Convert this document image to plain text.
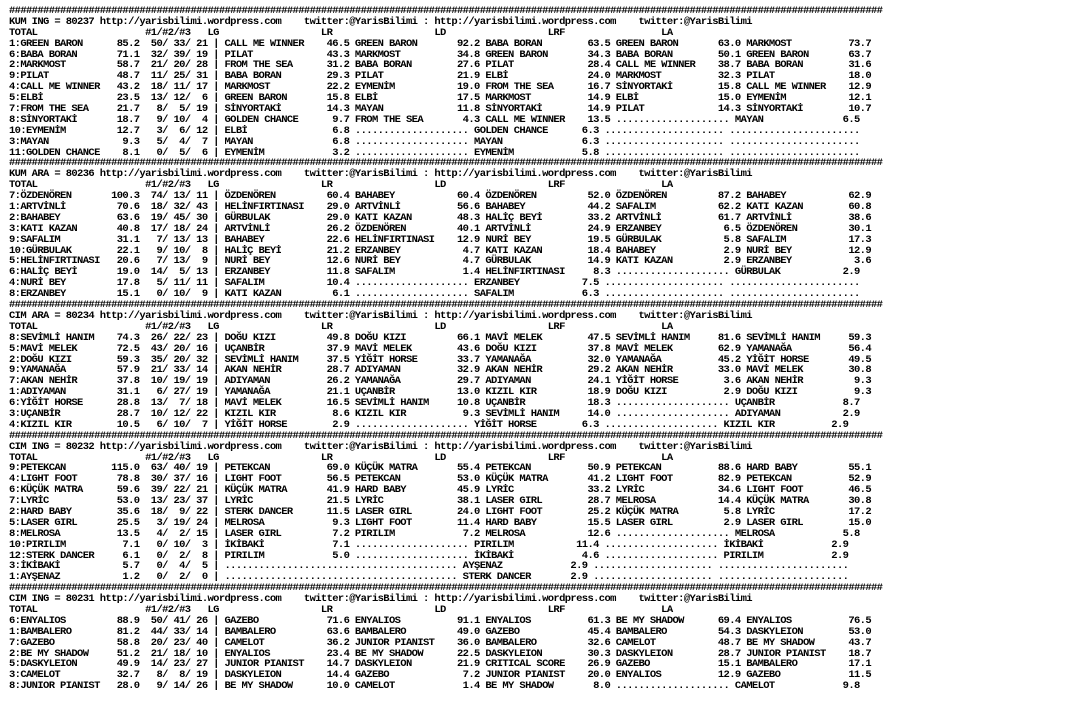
##########################################################################################################################################################
KUM ING = 80237 http://yarisbilimi.wordpress.com    twitter:@YarisBilimi : http://yarisbilimi.wordpress.com    twitter:@YarisBilimi
TOTAL                   #1/#2/#3   LG                  LR                  LD                  LRF                 LA
1:GREEN BARON      85.2  50/ 33/ 21 | CALL ME WINNER    46.5 GREEN BARON       92.2 BABA BORAN        63.5 GREEN BARON       63.0 MARKMOST          73.7
6:BABA BORAN       71.1  32/ 39/ 19 | PILAT             43.3 MARKMOST          34.8 GREEN BARON       34.3 BABA BORAN        50.1 GREEN BARON       63.7
2:MARKMOST         58.7  21/ 20/ 28 | FROM THE SEA      31.2 BABA BORAN        27.6 PILAT             28.4 CALL ME WINNER    38.7 BABA BORAN        31.6
9:PILAT            48.7  11/ 25/ 31 | BABA BORAN        29.3 PILAT             21.9 ELBİ              24.0 MARKMOST          32.3 PILAT             18.0
4:CALL ME WINNER   43.2  18/ 11/ 17 | MARKMOST          22.2 EYMENİM           19.0 FROM THE SEA      16.7 SİNYORTAKİ        15.8 CALL ME WINNER    12.9
5:ELBİ             23.5  13/ 12/  6 | GREEN BARON       15.8 ELBİ              17.5 MARKMOST          14.9 ELBİ              15.0 EYMENİM           12.1
7:FROM THE SEA     21.7   8/  5/ 19 | SİNYORTAKİ        14.3 MAYAN             11.8 SİNYORTAKİ        14.9 PILAT             14.3 SİNYORTAKİ        10.7
8:SİNYORTAKİ       18.7   9/ 10/  4 | GOLDEN CHANCE      9.7 FROM THE SEA       4.3 CALL ME WINNER    13.5 .................... MAYAN              6.5
10:EYMENİM         12.7   3/  6/ 12 | ELBİ               6.8 .................... GOLDEN CHANCE      6.3 ..................... .......................
3:MAYAN             9.3   5/  4/  7 | MAYAN              6.8 .................... MAYAN              6.3 ..................... .......................
11:GOLDEN CHANCE    8.1   0/  5/  6 | EYMENİM            3.2 .................... EYMENİM            5.8 ..................... .......................
##########################################################################################################################################################
KUM ARA = 80236 http://yarisbilimi.wordpress.com    twitter:@YarisBilimi : http://yarisbilimi.wordpress.com    twitter:@YarisBilimi
TOTAL                   #1/#2/#3   LG                  LR                  LD                  LRF                 LA
7:ÖZDENÖREN       100.3  74/ 13/ 11 | ÖZDENÖREN         60.4 BAHABEY           60.4 ÖZDENÖREN         52.0 ÖZDENÖREN         87.2 BAHABEY           62.9
1:ARTVİNLİ         70.6  18/ 32/ 43 | HELİNFIRTINASI    29.0 ARTVİNLİ          56.6 BAHABEY           44.2 SAFALIM           62.2 KATI KAZAN        60.8
2:BAHABEY          63.6  19/ 45/ 30 | GÜRBULAK          29.0 KATI KAZAN        48.3 HALİÇ BEYİ        33.2 ARTVİNLİ          61.7 ARTVİNLİ          38.6
3:KATI KAZAN       40.8  17/ 18/ 24 | ARTVİNLİ          26.2 ÖZDENÖREN         40.1 ARTVİNLİ          24.9 ERZANBEY           6.5 ÖZDENÖREN         30.1
9:SAFALIM          31.1   7/ 13/ 13 | BAHABEY           22.6 HELİNFIRTINASI    12.9 NURİ BEY          19.5 GÜRBULAK           5.8 SAFALIM           17.3
10:GÜRBULAK        22.1   9/ 10/  8 | HALİÇ BEYİ        21.2 ERZANBEY           4.7 KATI KAZAN        18.4 BAHABEY            2.9 NURİ BEY          12.9
5:HELİNFIRTINASI   20.6   7/ 13/  9 | NURİ BEY          12.6 NURİ BEY           4.7 GÜRBULAK          14.9 KATI KAZAN         2.9 ERZANBEY           3.6
6:HALİÇ BEYİ       19.0  14/  5/ 13 | ERZANBEY          11.8 SAFALIM            1.4 HELİNFIRTINASI     8.3 .................... GÜRBULAK           2.9
4:NURİ BEY         17.8   5/ 11/ 11 | SAFALIM           10.4 .................... ERZANBEY           7.5 ..................... .......................
8:ERZANBEY         15.1   0/ 10/  9 | KATI KAZAN         6.1 .................... SAFALIM            6.3 ..................... .......................
##########################################################################################################################################################
CIM ARA = 80234 http://yarisbilimi.wordpress.com    twitter:@YarisBilimi : http://yarisbilimi.wordpress.com    twitter:@YarisBilimi
TOTAL                   #1/#2/#3   LG                  LR                  LD                  LRF                 LA
8:SEVİMLİ HANIM    74.3  26/ 22/ 23 | DOĞU KIZI         49.8 DOĞU KIZI         66.1 MAVİ MELEK        47.5 SEVİMLİ HANIM     81.6 SEVİMLİ HANIM     59.3
5:MAVİ MELEK       72.5  43/ 20/ 16 | UÇANBİR           37.9 MAVİ MELEK        43.6 DOĞU KIZI         37.8 MAVİ MELEK        62.9 YAMANAĞA          56.4
2:DOĞU KIZI        59.3  35/ 20/ 32 | SEVİMLİ HANIM     37.5 YİĞİT HORSE       33.7 YAMANAĞA          32.0 YAMANAĞA          45.2 YİĞİT HORSE       49.5
9:YAMANAĞA         57.9  21/ 33/ 14 | AKAN NEHİR        28.7 ADIYAMAN          32.9 AKAN NEHİR        29.2 AKAN NEHİR        33.0 MAVİ MELEK        30.8
7:AKAN NEHİR       37.8  10/ 19/ 19 | ADIYAMAN          26.2 YAMANAĞA          29.7 ADIYAMAN          24.1 YİĞİT HORSE        3.6 AKAN NEHİR         9.3
1:ADIYAMAN         31.1   6/ 27/ 19 | YAMANAĞA          21.1 UÇANBİR           13.0 KIZIL KIR         18.9 DOĞU KIZI          2.9 DOĞU KIZI          9.3
6:YİĞİT HORSE      28.8  13/  7/ 18 | MAVİ MELEK        16.5 SEVİMLİ HANIM     10.8 UÇANBİR           18.3 .................... UÇANBİR            8.7
3:UÇANBİR          28.7  10/ 12/ 22 | KIZIL KIR          8.6 KIZIL KIR          9.3 SEVİMLİ HANIM     14.0 .................... ADIYAMAN           2.9
4:KIZIL KIR        10.5   6/ 10/  7 | YİĞİT HORSE        2.9 .................... YİĞİT HORSE        6.3 .................... KIZIL KIR          2.9
##########################################################################################################################################################
CIM ING = 80232 http://yarisbilimi.wordpress.com    twitter:@YarisBilimi : http://yarisbilimi.wordpress.com    twitter:@YarisBilimi
TOTAL                   #1/#2/#3   LG                  LR                  LD                  LRF                 LA
9:PETEKCAN        115.0  63/ 40/ 19 | PETEKCAN          69.0 KÜÇÜK MATRA       55.4 PETEKCAN          50.9 PETEKCAN          88.6 HARD BABY         55.1
4:LIGHT FOOT       78.8  30/ 37/ 16 | LIGHT FOOT        56.5 PETEKCAN          53.0 KÜÇÜK MATRA       41.2 LIGHT FOOT        82.9 PETEKCAN          52.9
6:KÜÇÜK MATRA      59.6  39/ 22/ 21 | KÜÇÜK MATRA       41.9 HARD BABY         45.9 LYRİC             33.2 LYRİC             34.6 LIGHT FOOT        46.5
7:LYRİC            53.0  13/ 23/ 37 | LYRİC             21.5 LYRİC             38.1 LASER GIRL        28.7 MELROSA           14.4 KÜÇÜK MATRA       30.8
2:HARD BABY        35.6  18/  9/ 22 | STERK DANCER      11.5 LASER GIRL        24.0 LIGHT FOOT        25.2 KÜÇÜK MATRA        5.8 LYRİC             17.2
5:LASER GIRL       25.5   3/ 19/ 24 | MELROSA            9.3 LIGHT FOOT        11.4 HARD BABY         15.5 LASER GIRL         2.9 LASER GIRL        15.0
8:MELROSA          13.5   4/  2/ 15 | LASER GIRL         7.2 PIRILIM            7.2 MELROSA           12.6 .................... MELROSA            5.8
10:PIRILIM          7.1   0/ 10/  3 | İKİBAKİ            7.1 .................... PIRILIM           11.4 .................... İKİBAKİ            2.9
12:STERK DANCER     6.1   0/  2/  8 | PIRILIM            5.0 .................... İKİBAKİ            4.6 .................... PIRILIM            2.9
3:İKİBAKİ           5.7   0/  4/  5 | ......................................... AYŞENAZ            2.9 ..................... .......................
1:AYŞENAZ           1.2   0/  2/  0 | ......................................... STERK DANCER       2.9 ..................... .......................
##########################################################################################################################################################
CIM ING = 80231 http://yarisbilimi.wordpress.com    twitter:@YarisBilimi : http://yarisbilimi.wordpress.com    twitter:@YarisBilimi
TOTAL                   #1/#2/#3   LG                  LR                  LD                  LRF                 LA
6:ENYALIOS         88.9  50/ 41/ 26 | GAZEBO            71.6 ENYALIOS          91.1 ENYALIOS          61.3 BE MY SHADOW      69.4 ENYALIOS          76.5
1:BAMBALERO        81.2  44/ 33/ 14 | BAMBALERO         63.6 BAMBALERO         49.0 GAZEBO            45.4 BAMBALERO         54.3 DASKYLEION        53.0
7:GAZEBO           58.8  20/ 23/ 40 | CAMELOT           36.2 JUNIOR PIANIST    36.0 BAMBALERO         32.6 CAMELOT           48.7 BE MY SHADOW      43.7
2:BE MY SHADOW     51.2  21/ 18/ 10 | ENYALIOS          23.4 BE MY SHADOW      22.5 DASKYLEION        30.3 DASKYLEION        28.7 JUNIOR PIANIST    18.7
5:DASKYLEION       49.9  14/ 23/ 27 | JUNIOR PIANIST    14.7 DASKYLEION        21.9 CRITICAL SCORE    26.9 GAZEBO            15.1 BAMBALERO         17.1
3:CAMELOT          32.7   8/  8/ 19 | DASKYLEION        14.4 GAZEBO             7.2 JUNIOR PIANIST    20.0 ENYALIOS          12.9 GAZEBO            11.5
8:JUNIOR PIANIST   28.0   9/ 14/ 26 | BE MY SHADOW      10.0 CAMELOT            1.4 BE MY SHADOW       8.0 .................... CAMELOT            9.8
